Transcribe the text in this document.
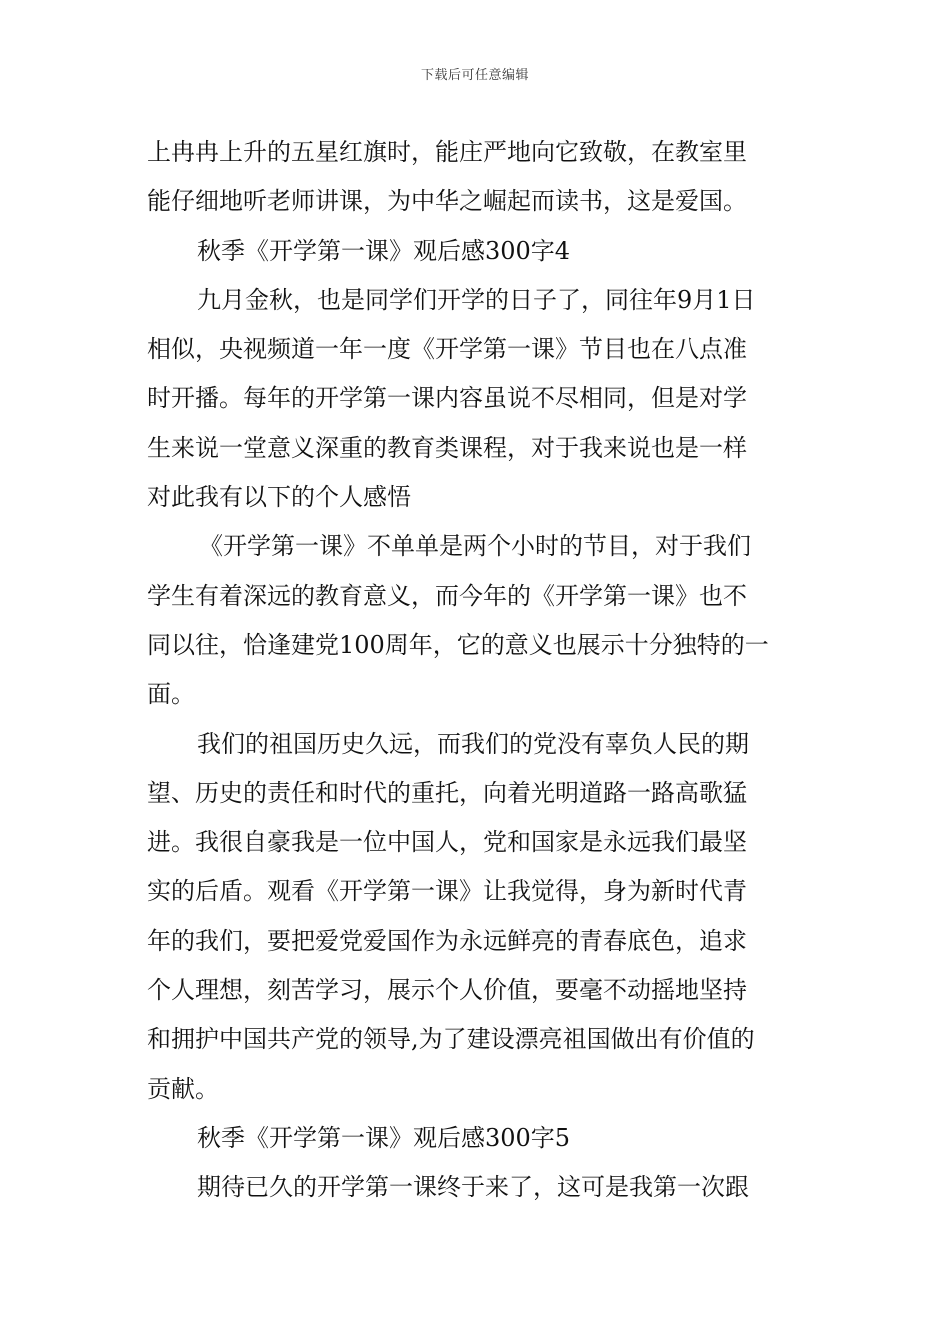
下载后可任意编辑
上冉冉上升的五星红旗时，能庄严地向它致敬，在教室里
能仔细地听老师讲课，为中华之崛起而读书，这是爱国。
秋季《开学第一课》观后感300字4
九月金秋，也是同学们开学的日子了，同往年9月1日
相似，央视频道一年一度《开学第一课》节目也在八点准
时开播。每年的开学第一课内容虽说不尽相同，但是对学
生来说一堂意义深重的教育类课程，对于我来说也是一样
对此我有以下的个人感悟
《开学第一课》不单单是两个小时的节目，对于我们
学生有着深远的教育意义，而今年的《开学第一课》也不
同以往，恰逢建党100周年，它的意义也展示十分独特的一
面。
我们的祖国历史久远，而我们的党没有辜负人民的期
望、历史的责任和时代的重托，向着光明道路一路高歌猛
进。我很自豪我是一位中国人，党和国家是永远我们最坚
实的后盾。观看《开学第一课》让我觉得，身为新时代青
年的我们，要把爱党爱国作为永远鲜亮的青春底色，追求
个人理想，刻苦学习，展示个人价值，要毫不动摇地坚持
和拥护中国共产党的领导,为了建设漂亮祖国做出有价值的
贡献。
秋季《开学第一课》观后感300字5
期待已久的开学第一课终于来了，这可是我第一次跟
